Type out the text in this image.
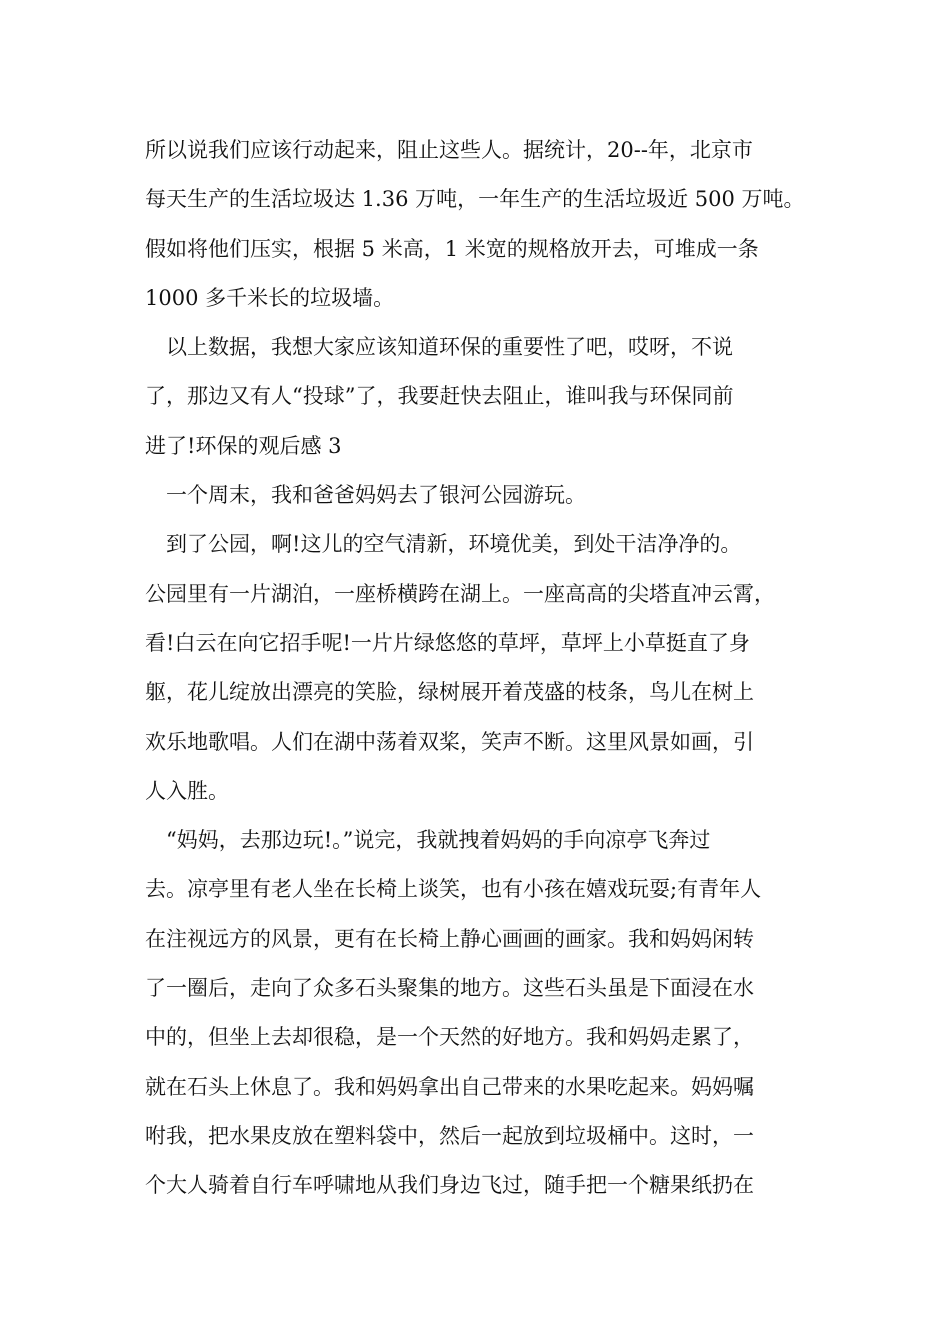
所以说我们应该行动起来，阻止这些人。据统计，20--年，北京市
每天生产的生活垃圾达 1.36 万吨，一年生产的生活垃圾近 500 万吨。
假如将他们压实，根据 5 米高，1 米宽的规格放开去，可堆成一条
1000 多千米长的垃圾墙。
　以上数据，我想大家应该知道环保的重要性了吧，哎呀，不说
了，那边又有人“投球”了，我要赶快去阻止，谁叫我与环保同前
进了!环保的观后感 3
　一个周末，我和爸爸妈妈去了银河公园游玩。
　到了公园，啊!这儿的空气清新，环境优美，到处干洁净净的。
公园里有一片湖泊，一座桥横跨在湖上。一座高高的尖塔直冲云霄，
看!白云在向它招手呢!一片片绿悠悠的草坪，草坪上小草挺直了身
躯，花儿绽放出漂亮的笑脸，绿树展开着茂盛的枝条，鸟儿在树上
欢乐地歌唱。人们在湖中荡着双桨，笑声不断。这里风景如画，引
人入胜。
　“妈妈，去那边玩!。”说完，我就拽着妈妈的手向凉亭飞奔过
去。凉亭里有老人坐在长椅上谈笑，也有小孩在嬉戏玩耍;有青年人
在注视远方的风景，更有在长椅上静心画画的画家。我和妈妈闲转
了一圈后，走向了众多石头聚集的地方。这些石头虽是下面浸在水
中的，但坐上去却很稳，是一个天然的好地方。我和妈妈走累了，
就在石头上休息了。我和妈妈拿出自己带来的水果吃起来。妈妈嘱
咐我，把水果皮放在塑料袋中，然后一起放到垃圾桶中。这时，一
个大人骑着自行车呼啸地从我们身边飞过，随手把一个糖果纸扔在
